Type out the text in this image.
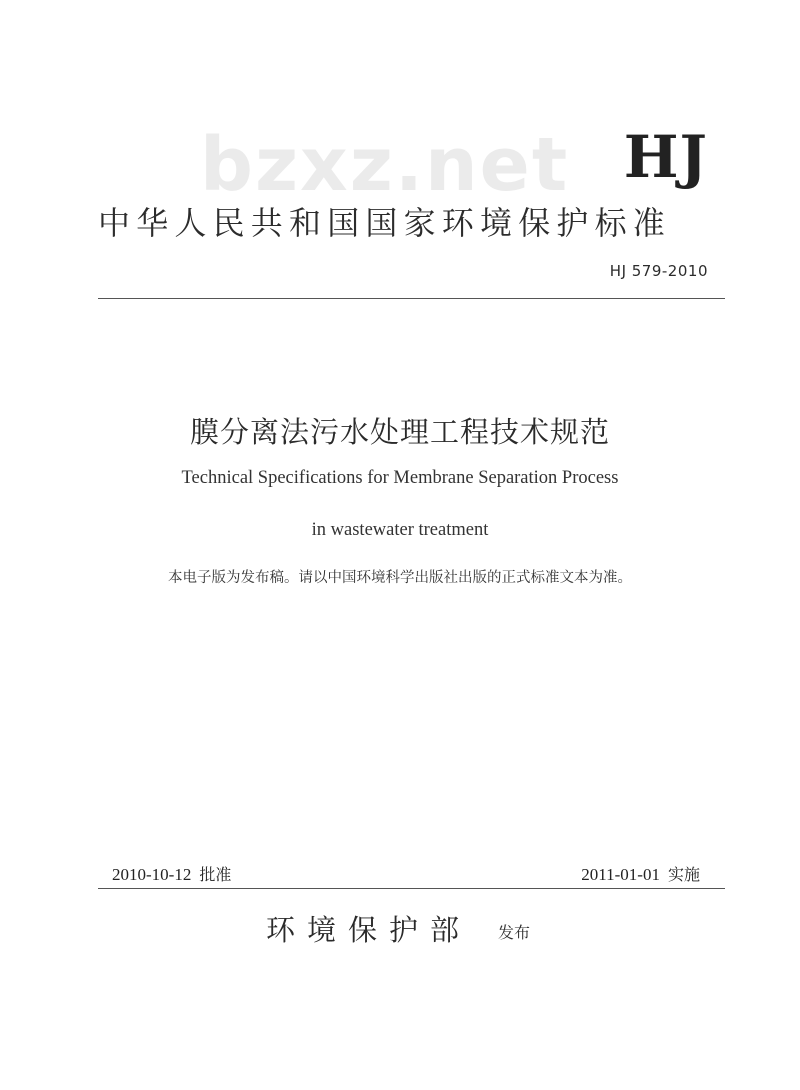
bzxz.net HJ
中华人民共和国国家环境保护标准
HJ 579-2010
膜分离法污水处理工程技术规范
Technical Specifications for Membrane Separation Process
in wastewater treatment
本电子版为发布稿。请以中国环境科学出版社出版的正式标准文本为准。
2010-10-12 批准	2011-01-01 实施
环境保护部 发布
